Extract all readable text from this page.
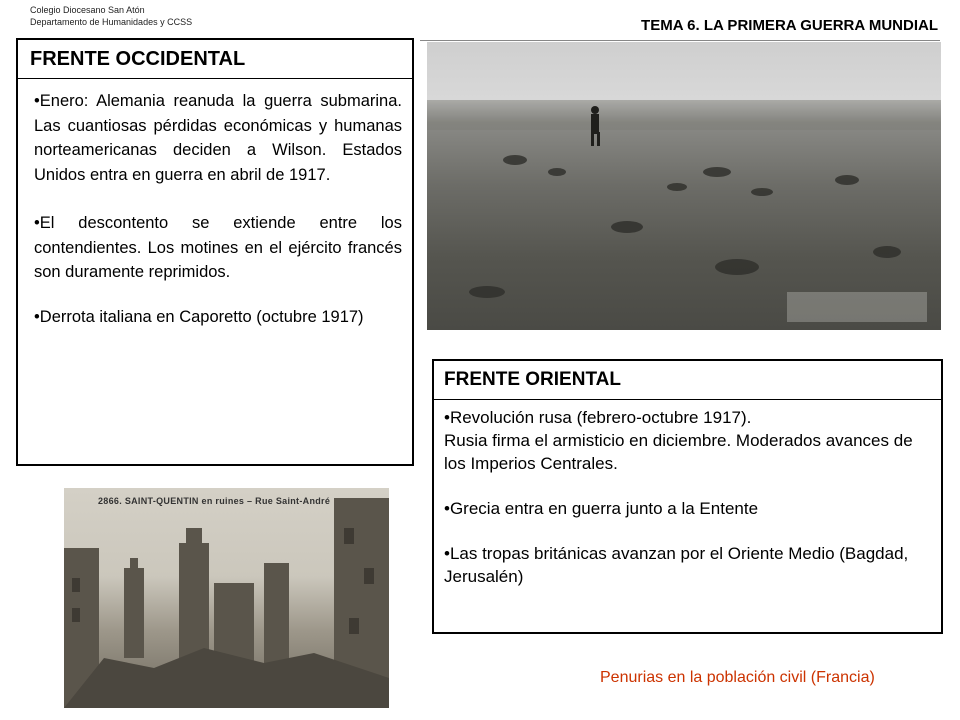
Colegio Diocesano San Atón
Departamento de Humanidades y CCSS	TEMA 6. LA PRIMERA GUERRA MUNDIAL
FRENTE OCCIDENTAL
•Enero: Alemania reanuda la guerra submarina. Las cuantiosas pérdidas económicas y humanas norteamericanas deciden a Wilson. Estados Unidos entra en guerra en abril de 1917.
•El descontento se extiende entre los contendientes. Los motines en el ejército francés son duramente reprimidos.
•Derrota italiana en Caporetto (octubre 1917)
FRENTE ORIENTAL
•Revolución rusa (febrero-octubre 1917).
Rusia firma el armisticio en diciembre. Moderados avances de los Imperios Centrales.
•Grecia entra en guerra junto a la Entente
•Las tropas británicas avanzan por el Oriente Medio (Bagdad, Jerusalén)
2866. SAINT-QUENTIN en ruines – Rue Saint-André
Penurias en la población civil (Francia)
